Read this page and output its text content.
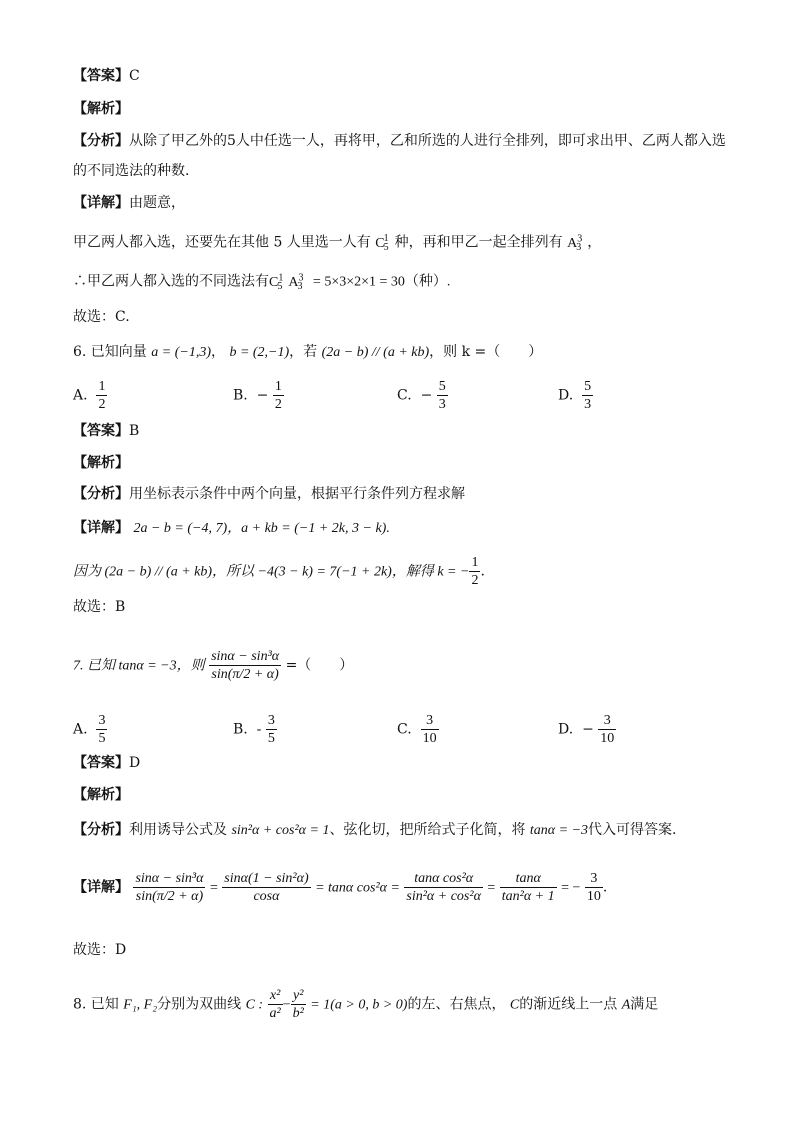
【答案】C
【解析】
【分析】从除了甲乙外的5人中任选一人，再将甲，乙和所选的人进行全排列，即可求出甲、乙两人都入选
的不同选法的种数.
【详解】由题意，
甲乙两人都入选，还要先在其他 5 人里选一人有 $C^1_5$ 种，再和甲乙一起全排列有 $A^3_3$ ，
∴甲乙两人都入选的不同选法有$C^1_5$ $A^3_3 = 5\times 3\times 2\times 1 = 30$（种）.
故选：C.
6. 已知向量 a = (−1,3)， b = (2,−1)，若 (2a − b) // (a + kb)，则 k =（　　）
A. $\frac{1}{2}$	B. − $\frac{1}{2}$	C. − $\frac{5}{3}$	D. $\frac{5}{3}$
【答案】B
【解析】
【分析】用坐标表示条件中两个向量，根据平行条件列方程求解
【详解】 2a − b = (−4, 7)，a + kb = (−1 + 2k, 3 − k).
因为 (2a − b) // (a + kb)，所以 −4(3 − k) = 7(−1 + 2k)，解得 k = − $\frac{1}{2}$ .
故选：B
7. 已知 tanα = −3，则 $\frac{\text{sinα − sin³α}}{\sin(\pi/2 + \alpha)}$ =（　　）
A. $\frac{3}{5}$	B. - $\frac{3}{5}$	C. $\frac{3}{10}$	D. − $\frac{3}{10}$
【答案】D
【解析】
【分析】利用诱导公式及 sin²α + cos²α = 1、弦化切，把所给式子化简，将 tanα = −3代入可得答案.
【详解】 $\frac{\text{sinα − sin³α}}{\sin(\pi/2 + \alpha)} = \frac{\text{sinα(1 − sin²α)}}{\cos\alpha} = \tan\alpha$ $\cos^2\alpha = \frac{\text{tanα cos²α}}{\text{sin²α + cos²α}} = \frac{\tan\alpha}{\text{tan²α + 1}}$ = − $\frac{3}{10}$ .
故选：D
8. 已知 F₁, F₂分别为双曲线 C : $\frac{\text{x²}}{\text{a²}} - \frac{\text{y²}}{\text{b²}} = 1(a > 0$, b > 0)的左、右焦点， C的渐近线上一点 A满足
